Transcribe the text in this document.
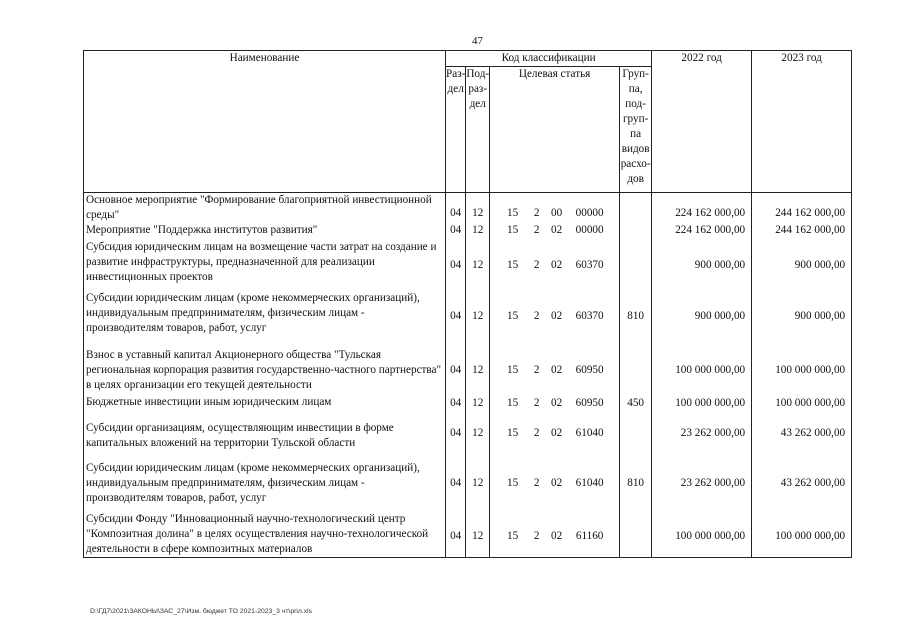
47
Наименование	Код классификации				2022 год	2023 год
	Раз-дел	Под-раз-дел	Целевая статья	Груп-па, под-груп-па видов расхо-дов		
Основное мероприятие "Формирование благоприятной инвестиционной среды"	04	12	15 2 00 00000		224 162 000,00	244 162 000,00
Мероприятие "Поддержка институтов развития"	04	12	15 2 02 00000		224 162 000,00	244 162 000,00
Субсидия юридическим лицам на возмещение части затрат на создание и развитие инфраструктуры, предназначенной для реализации инвестиционных проектов	04	12	15 2 02 60370		900 000,00	900 000,00
Субсидии юридическим лицам (кроме некоммерческих организаций), индивидуальным предпринимателям, физическим лицам - производителям товаров, работ, услуг	04	12	15 2 02 60370	810	900 000,00	900 000,00
Взнос в уставный капитал Акционерного общества "Тульская региональная корпорация развития государственно-частного партнерства" в целях организации его текущей деятельности	04	12	15 2 02 60950		100 000 000,00	100 000 000,00
Бюджетные инвестиции иным юридическим лицам	04	12	15 2 02 60950	450	100 000 000,00	100 000 000,00
Субсидии организациям, осуществляющим инвестиции в форме капитальных вложений на территории Тульской области	04	12	15 2 02 61040		23 262 000,00	43 262 000,00
Субсидии юридическим лицам (кроме некоммерческих организаций), индивидуальным предпринимателям, физическим лицам - производителям товаров, работ, услуг	04	12	15 2 02 61040	810	23 262 000,00	43 262 000,00
Субсидии Фонду "Инновационный научно-технологический центр "Композитная долина" в целях осуществления научно-технологической деятельности в сфере композитных материалов	04	12	15 2 02 61160		100 000 000,00	100 000 000,00
D:\ГД7\2021\ЗАКОНЫ\ЗАС_27\Изм. бюджет ТО 2021-2023_3 чт\priл.xls
